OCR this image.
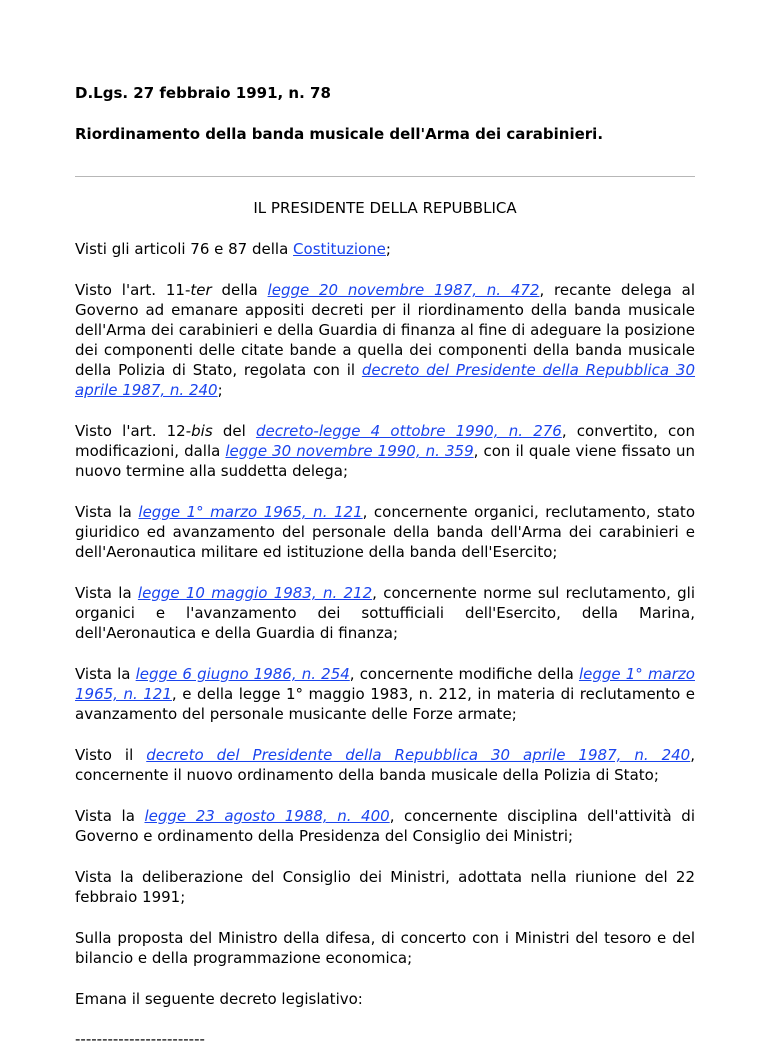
D.Lgs. 27 febbraio 1991, n. 78

Riordinamento della banda musicale dell'Arma dei carabinieri.

IL PRESIDENTE DELLA REPUBBLICA

Visti gli articoli 76 e 87 della Costituzione;

Visto l'art. 11-ter della legge 20 novembre 1987, n. 472, recante delega al Governo ad emanare appositi decreti per il riordinamento della banda musicale dell'Arma dei carabinieri e della Guardia di finanza al fine di adeguare la posizione dei componenti delle citate bande a quella dei componenti della banda musicale della Polizia di Stato, regolata con il decreto del Presidente della Repubblica 30 aprile 1987, n. 240;

Visto l'art. 12-bis del decreto-legge 4 ottobre 1990, n. 276, convertito, con modificazioni, dalla legge 30 novembre 1990, n. 359, con il quale viene fissato un nuovo termine alla suddetta delega;

Vista la legge 1° marzo 1965, n. 121, concernente organici, reclutamento, stato giuridico ed avanzamento del personale della banda dell'Arma dei carabinieri e dell'Aeronautica militare ed istituzione della banda dell'Esercito;

Vista la legge 10 maggio 1983, n. 212, concernente norme sul reclutamento, gli organici e l'avanzamento dei sottufficiali dell'Esercito, della Marina, dell'Aeronautica e della Guardia di finanza;

Vista la legge 6 giugno 1986, n. 254, concernente modifiche della legge 1° marzo 1965, n. 121, e della legge 1° maggio 1983, n. 212, in materia di reclutamento e avanzamento del personale musicante delle Forze armate;

Visto il decreto del Presidente della Repubblica 30 aprile 1987, n. 240, concernente il nuovo ordinamento della banda musicale della Polizia di Stato;

Vista la legge 23 agosto 1988, n. 400, concernente disciplina dell'attività di Governo e ordinamento della Presidenza del Consiglio dei Ministri;

Vista la deliberazione del Consiglio dei Ministri, adottata nella riunione del 22 febbraio 1991;

Sulla proposta del Ministro della difesa, di concerto con i Ministri del tesoro e del bilancio e della programmazione economica;

Emana il seguente decreto legislativo:

------------------------
